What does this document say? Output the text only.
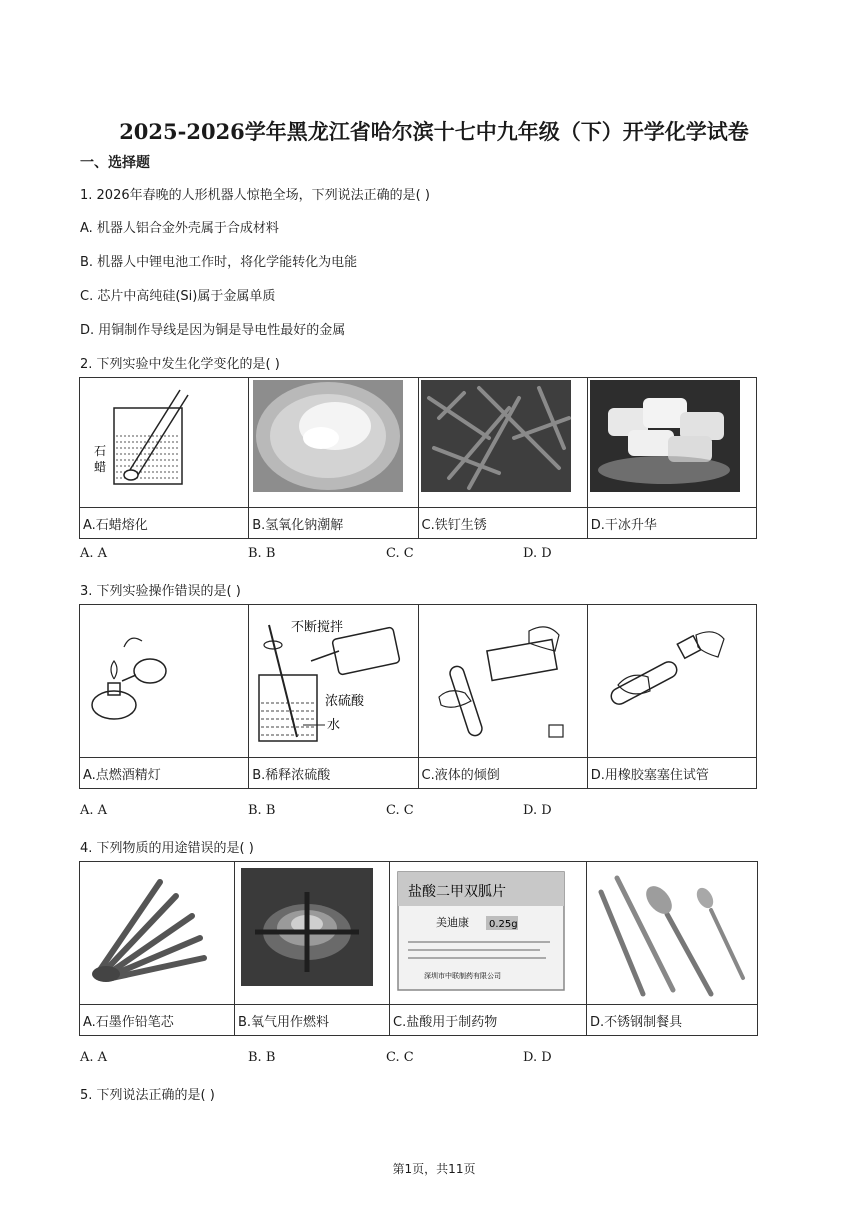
2025-2026学年黑龙江省哈尔滨十七中九年级（下）开学化学试卷
一、选择题
1. 2026年春晚的人形机器人惊艳全场，下列说法正确的是( )
A. 机器人铝合金外壳属于合成材料
B. 机器人中锂电池工作时，将化学能转化为电能
C. 芯片中高纯硅(Si)属于金属单质
D. 用铜制作导线是因为铜是导电性最好的金属
2. 下列实验中发生化学变化的是( )
石
蜡

A.石蜡熔化	B.氢氧化钠潮解	C.铁钉生锈	D.干冰升华
A. A	B. B	C. C	D. D
3. 下列实验操作错误的是( )

不断搅拌
浓硫酸
水

A.点燃酒精灯	B.稀释浓硫酸	C.液体的倾倒	D.用橡胶塞塞住试管
A. A	B. B	C. C	D. D
4. 下列物质的用途错误的是( )

盐酸二甲双胍片
美迪康 0.25g
深圳市中联制药有限公司

A.石墨作铅笔芯	B.氧气用作燃料	C.盐酸用于制药物	D.不锈钢制餐具
A. A	B. B	C. C	D. D
5. 下列说法正确的是( )
第1页，共11页
